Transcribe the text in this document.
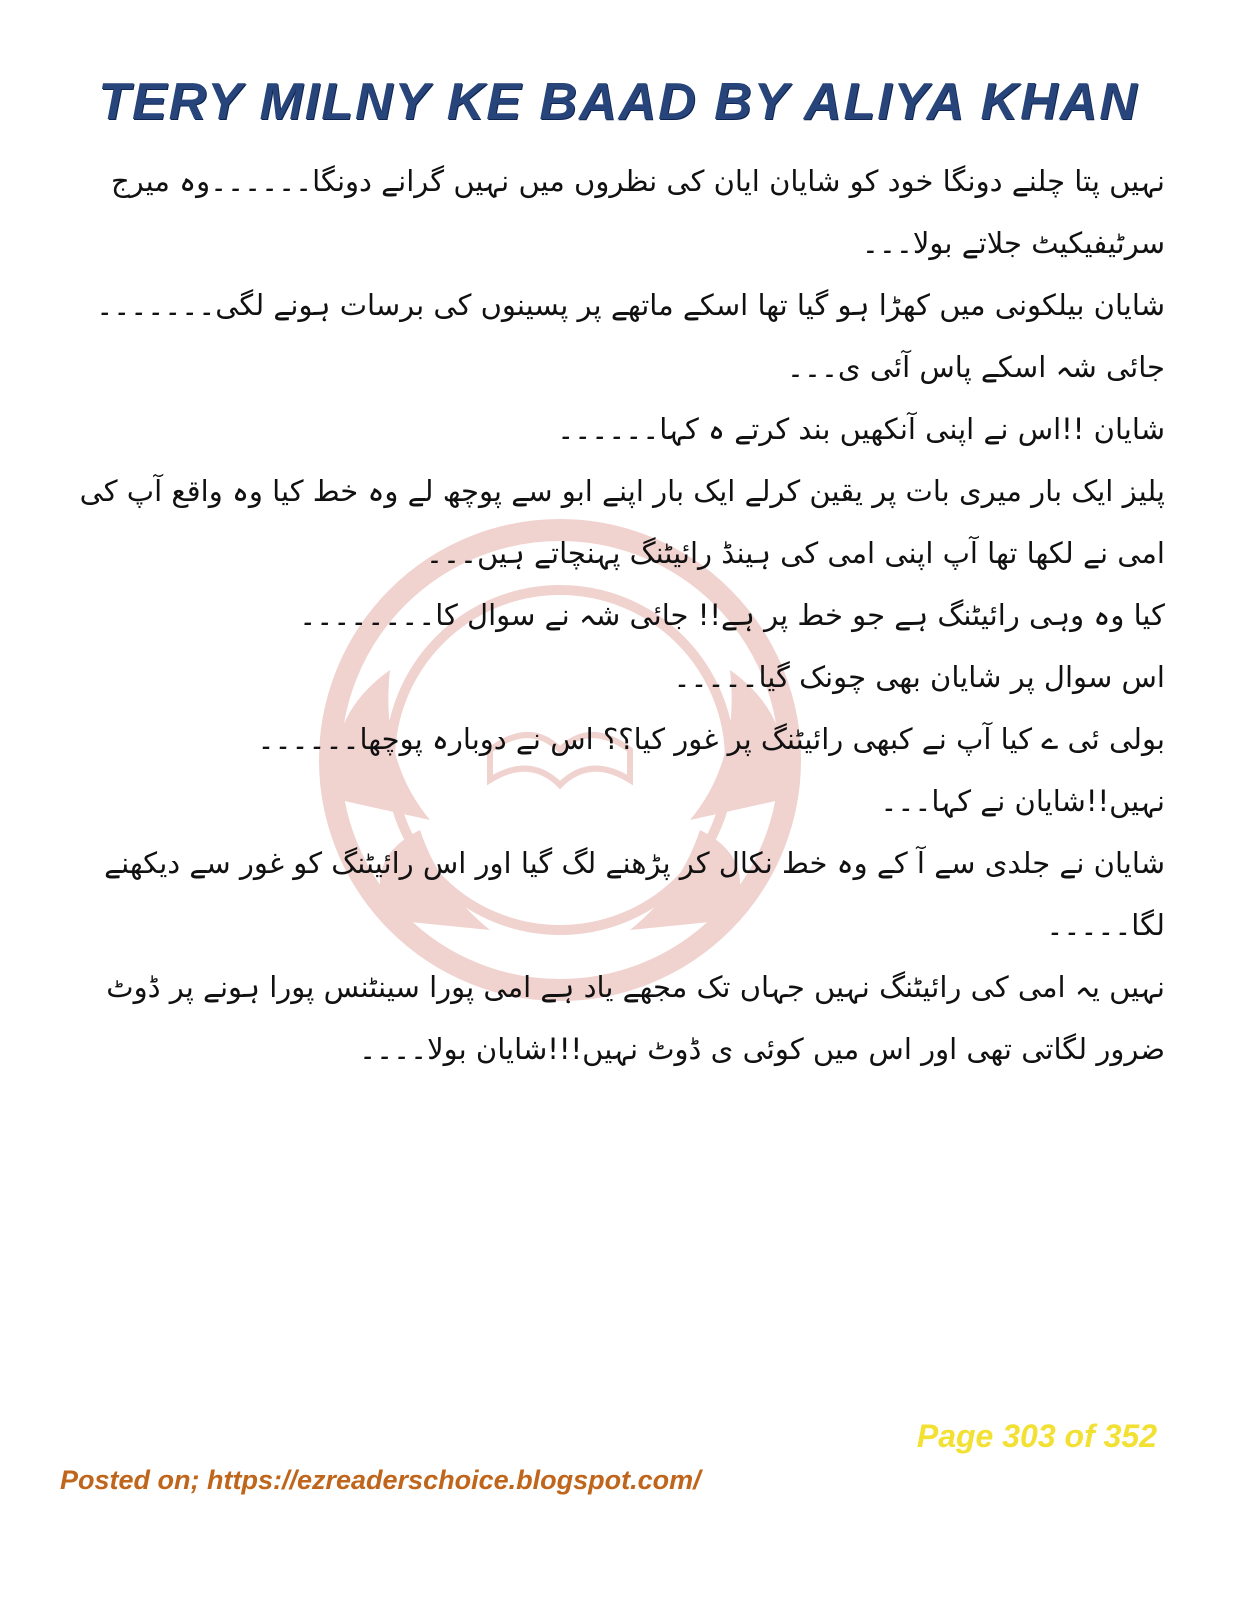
TERY MILNY KE BAAD BY ALIYA KHAN

نہیں پتا چلنے دونگا خود کو شایان ایان کی نظروں میں نہیں گرانے دونگا۔۔۔۔۔۔وہ میرج سرٹیفیکیٹ جلاتے بولا۔۔۔

شایان بیلکونی میں کھڑا ہو گیا تھا اسکے ماتھے پر پسینوں کی برسات ہونے لگی۔۔۔۔۔۔۔

جائی شہ اسکے پاس آئی ی۔۔۔

شایان !!اس نے اپنی آنکھیں بند کرتے ہ کہا۔۔۔۔۔۔

پلیز ایک بار میری بات پر یقین کرلے ایک بار اپنے ابو سے پوچھ لے وہ خط کیا وہ واقع آپ کی امی نے لکھا تھا آپ اپنی امی کی ہینڈ رائیٹنگ پہنچاتے ہیں۔۔۔

کیا وہ وہی رائیٹنگ ہے جو خط پر ہے!! جائی شہ نے سوال کا۔۔۔۔۔۔۔۔

اس سوال پر شایان بھی چونک گیا۔۔۔۔۔

بولی ئی ے کیا آپ نے کبھی رائیٹنگ پر غور کیا؟؟ اس نے دوبارہ پوچھا۔۔۔۔۔۔

نہیں!!شایان نے کہا۔۔۔

شایان نے جلدی سے آ کے وہ خط نکال کر پڑھنے لگ گیا اور اس رائیٹنگ کو غور سے دیکھنے لگا۔۔۔۔۔

نہیں یہ امی کی رائیٹنگ نہیں جہاں تک مجھے یاد ہے امی پورا سینٹنس پورا ہونے پر ڈوٹ ضرور لگاتی تھی اور اس میں کوئی ی ڈوٹ نہیں!!!شایان بولا۔۔۔۔

Page 303 of 352
Posted on; https://ezreaderschoice.blogspot.com/
